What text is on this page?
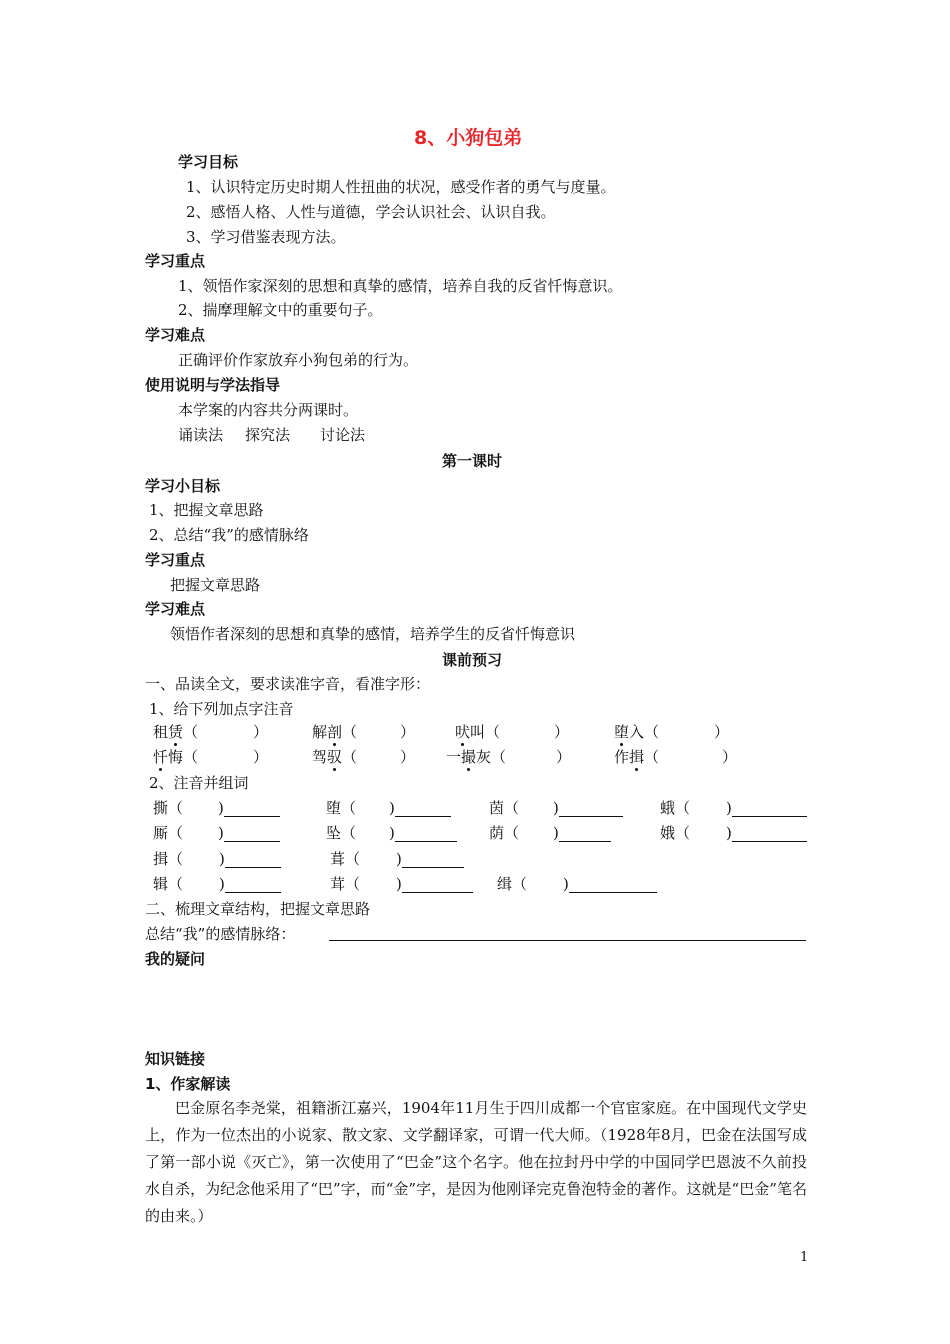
8、小狗包弟
学习目标
1、认识特定历史时期人性扭曲的状况，感受作者的勇气与度量。
2、感悟人格、人性与道德，学会认识社会、认识自我。
3、学习借鉴表现方法。
学习重点
1、领悟作家深刻的思想和真挚的感情，培养自我的反省忏悔意识。
2、揣摩理解文中的重要句子。
学习难点
正确评价作家放弃小狗包弟的行为。
使用说明与学法指导
本学案的内容共分两课时。
诵读法 探究法 讨论法
第一课时
学习小目标
1、把握文章思路
2、总结“我”的感情脉络
学习重点
把握文章思路
学习难点
领悟作者深刻的思想和真挚的感情，培养学生的反省忏悔意识
课前预习
一、品读全文，要求读准字音，看准字形：
1、给下列加点字注音
租赁（	）	解剖（	）	吠叫（	）	堕入（	）
忏悔（	）	驾驭（	） 一撮灰（	）	作揖（	）
2、注音并组词
撕（ )	堕（ )	茵（ )	蛾（ )
厮（ )	坠（ )	荫（ )	娥（ )
揖（ )	葺（ )
辑（ )	茸（ )	缉（ )
二、梳理文章结构，把握文章思路
总结“我”的感情脉络：
我的疑问
知识链接
1、作家解读
巴金原名李尧棠，祖籍浙江嘉兴，1904年11月生于四川成都一个官宦家庭。在中国现代文学史上，作为一位杰出的小说家、散文家、文学翻译家，可谓一代大师。（1928年8月，巴金在法国写成了第一部小说《灭亡》，第一次使用了“巴金”这个名字。他在拉封丹中学的中国同学巴恩波不久前投水自杀，为纪念他采用了“巴”字，而“金”字，是因为他刚译完克鲁泡特金的著作。这就是“巴金”笔名的由来。）
1
